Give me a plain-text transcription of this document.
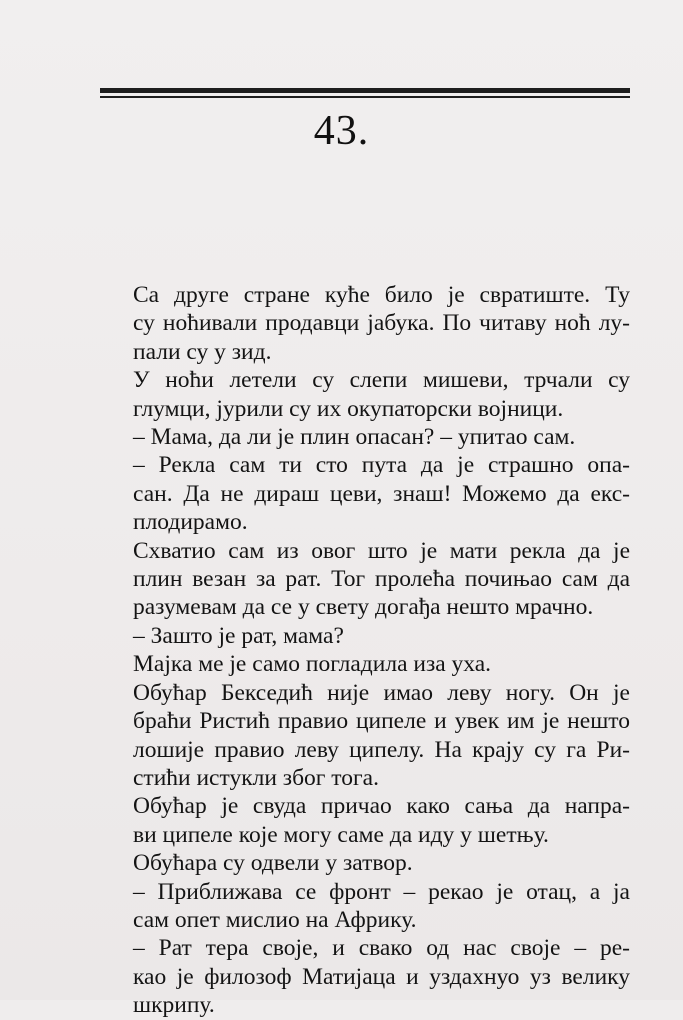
43.
Са друге стране куће било је свратиште. Ту
су ноћивали продавци јабука. По читаву ноћ лу-
пали су у зид.
У ноћи летели су слепи мишеви, трчали су
глумци, јурили су их окупаторски војници.
– Мама, да ли је плин опасан? – упитао сам.
– Рекла сам ти сто пута да је страшно опа-
сан. Да не дираш цеви, знаш! Можемо да екс-
плодирамо.
Схватио сам из овог што је мати рекла да је
плин везан за рат. Тог пролећа почињао сам да
разумевам да се у свету догађа нешто мрачно.
– Зашто је рат, мама?
Мајка ме је само погладила иза уха.
Обућар Бекседић није имао леву ногу. Он је
браћи Ристић правио ципеле и увек им је нешто
лошије правио леву ципелу. На крају су га Ри-
стићи истукли због тога.
Обућар је свуда причао како сања да напра-
ви ципеле које могу саме да иду у шетњу.
Обућара су одвели у затвор.
– Приближава се фронт – рекао је отац, а ја
сам опет мислио на Африку.
– Рат тера своје, и свако од нас своје – ре-
као је филозоф Матијаца и уздахнуо уз велику
шкрипу.
